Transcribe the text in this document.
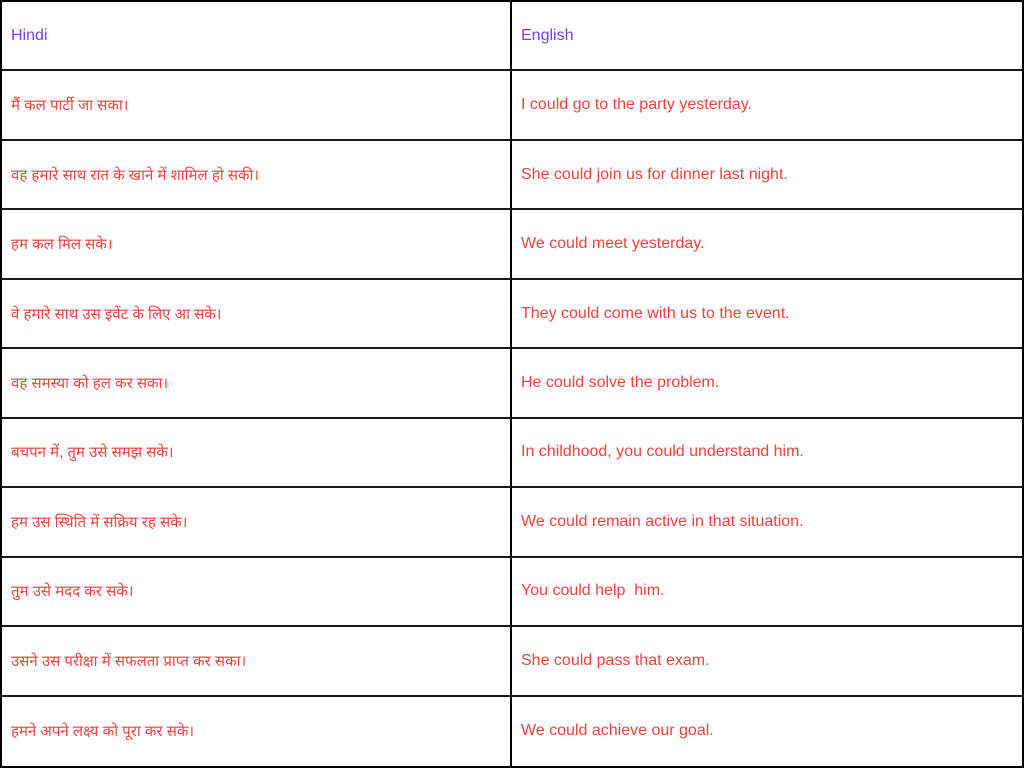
Hindi	English
मैं कल पार्टी जा सका।	I could go to the party yesterday.
वह हमारे साथ रात के खाने में शामिल हो सकी।	She could join us for dinner last night.
हम कल मिल सके।	We could meet yesterday.
वे हमारे साथ उस इवेंट के लिए आ सके।	They could come with us to the event.
वह समस्या को हल कर सका।	He could solve the problem.
बचपन में, तुम उसे समझ सके।	In childhood, you could understand him.
हम उस स्थिति में सक्रिय रह सके।	We could remain active in that situation.
तुम उसे मदद कर सके।	You could help  him.
उसने उस परीक्षा में सफलता प्राप्त कर सका।	She could pass that exam.
हमने अपने लक्ष्य को पूरा कर सके।	We could achieve our goal.
